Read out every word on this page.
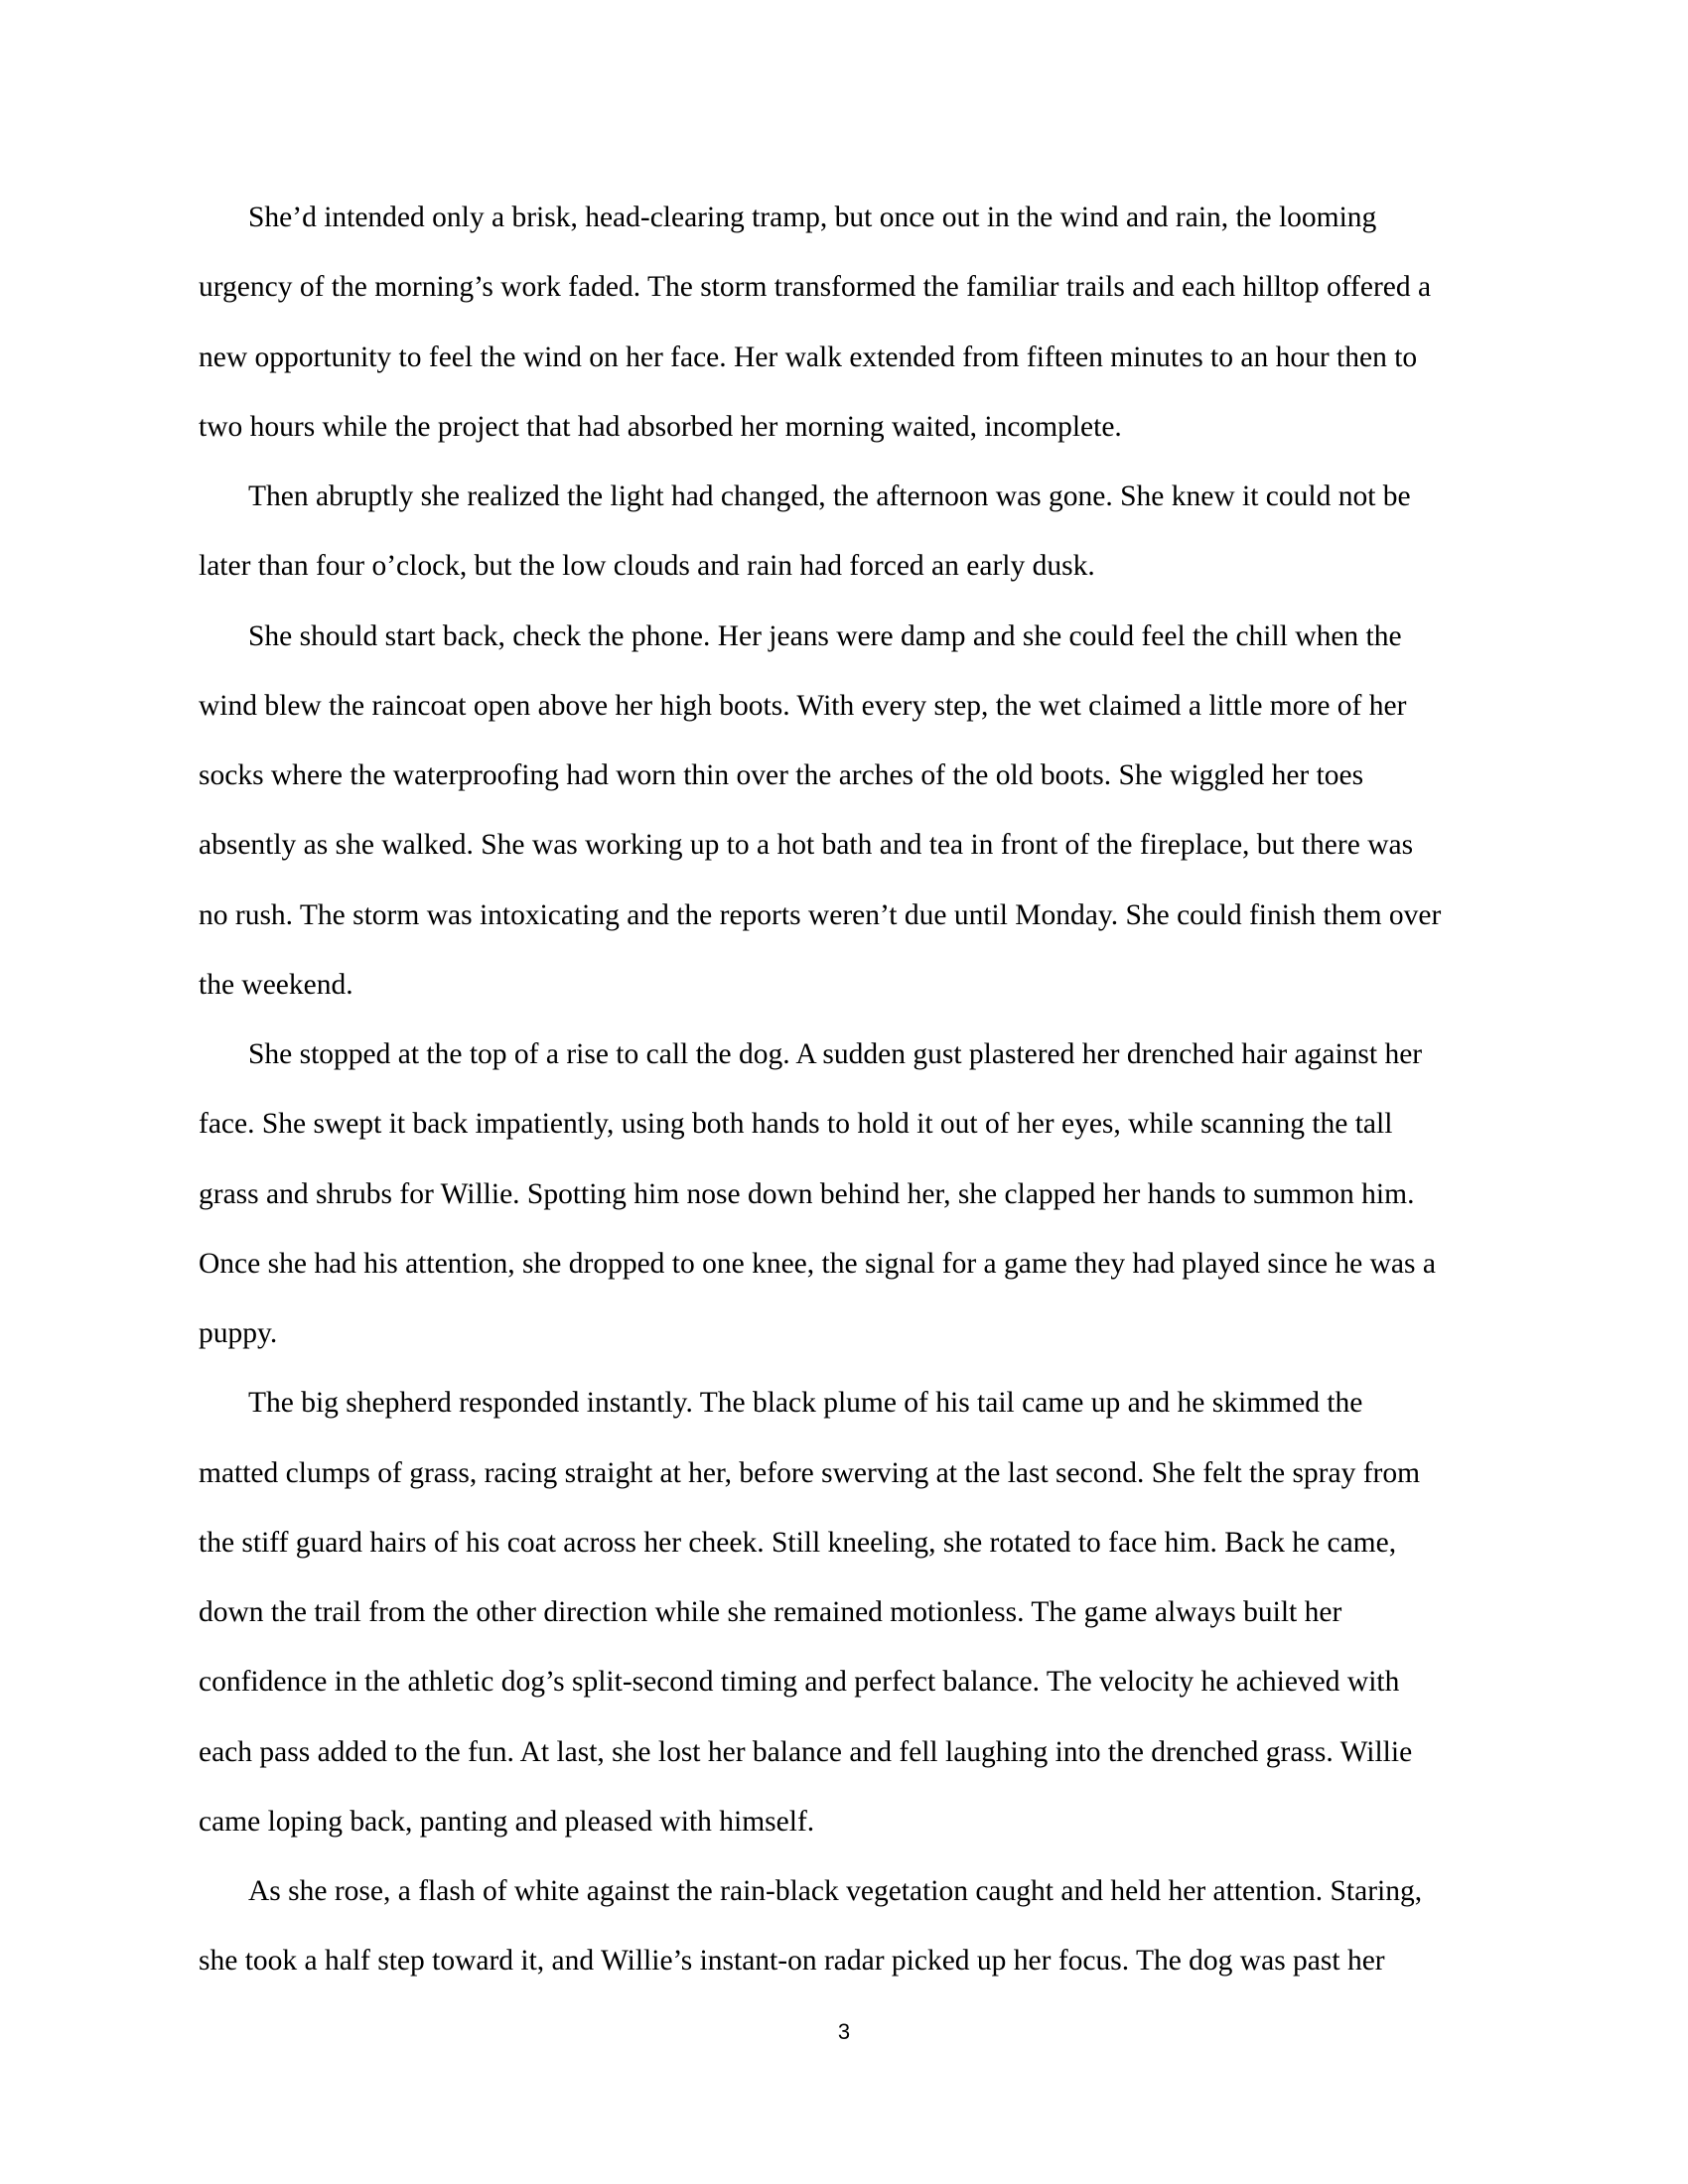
She’d intended only a brisk, head-clearing tramp, but once out in the wind and rain, the looming
urgency of the morning’s work faded. The storm transformed the familiar trails and each hilltop offered a
new opportunity to feel the wind on her face. Her walk extended from fifteen minutes to an hour then to
two hours while the project that had absorbed her morning waited, incomplete.

Then abruptly she realized the light had changed, the afternoon was gone. She knew it could not be
later than four o’clock, but the low clouds and rain had forced an early dusk.

She should start back, check the phone. Her jeans were damp and she could feel the chill when the
wind blew the raincoat open above her high boots. With every step, the wet claimed a little more of her
socks where the waterproofing had worn thin over the arches of the old boots. She wiggled her toes
absently as she walked. She was working up to a hot bath and tea in front of the fireplace, but there was
no rush. The storm was intoxicating and the reports weren’t due until Monday. She could finish them over
the weekend.

She stopped at the top of a rise to call the dog. A sudden gust plastered her drenched hair against her
face. She swept it back impatiently, using both hands to hold it out of her eyes, while scanning the tall
grass and shrubs for Willie. Spotting him nose down behind her, she clapped her hands to summon him.
Once she had his attention, she dropped to one knee, the signal for a game they had played since he was a
puppy.

The big shepherd responded instantly. The black plume of his tail came up and he skimmed the
matted clumps of grass, racing straight at her, before swerving at the last second. She felt the spray from
the stiff guard hairs of his coat across her cheek. Still kneeling, she rotated to face him. Back he came,
down the trail from the other direction while she remained motionless. The game always built her
confidence in the athletic dog’s split-second timing and perfect balance. The velocity he achieved with
each pass added to the fun. At last, she lost her balance and fell laughing into the drenched grass. Willie
came loping back, panting and pleased with himself.

As she rose, a flash of white against the rain-black vegetation caught and held her attention. Staring,
she took a half step toward it, and Willie’s instant-on radar picked up her focus. The dog was past her

3
